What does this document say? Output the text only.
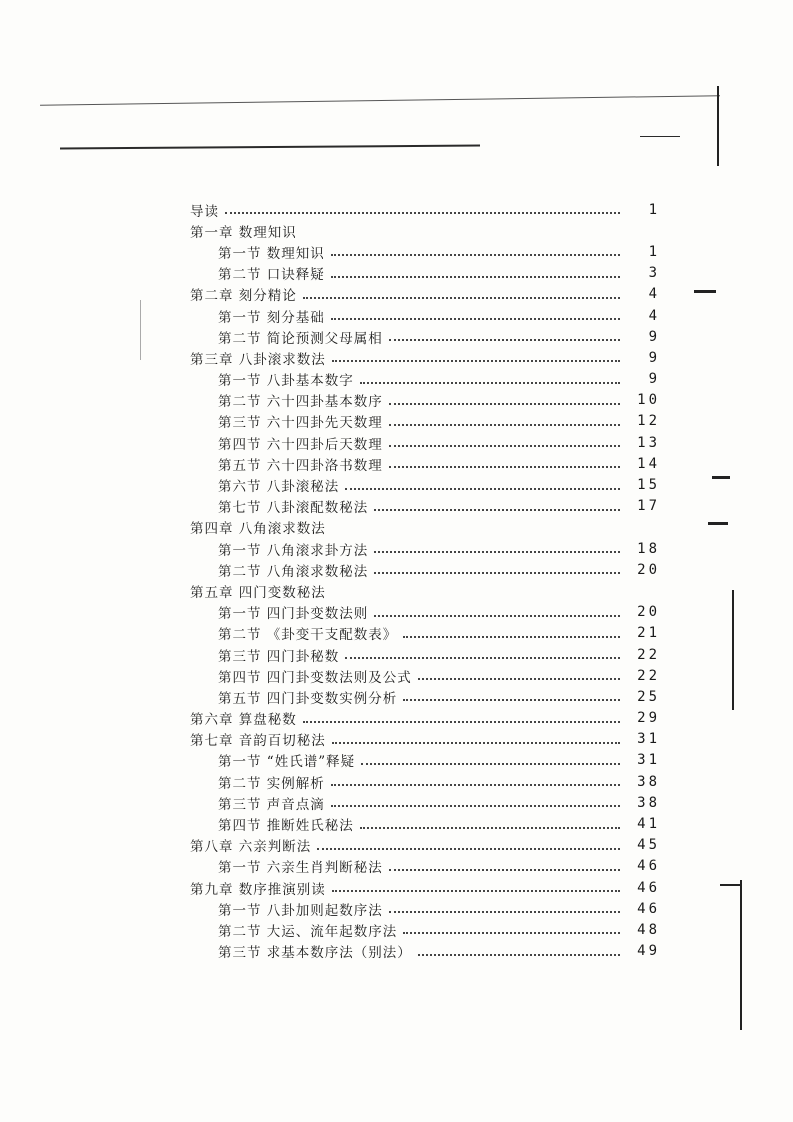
导读	1
第一章 数理知识
第一节 数理知识	1
第二节 口诀释疑	3
第二章 刻分精论	4
第一节 刻分基础	4
第二节 简论预测父母属相	9
第三章 八卦滚求数法	9
第一节 八卦基本数字	9
第二节 六十四卦基本数序	10
第三节 六十四卦先天数理	12
第四节 六十四卦后天数理	13
第五节 六十四卦洛书数理	14
第六节 八卦滚秘法	15
第七节 八卦滚配数秘法	17
第四章 八角滚求数法
第一节 八角滚求卦方法	18
第二节 八角滚求数秘法	20
第五章 四门变数秘法
第一节 四门卦变数法则	20
第二节 《卦变干支配数表》	21
第三节 四门卦秘数	22
第四节 四门卦变数法则及公式	22
第五节 四门卦变数实例分析	25
第六章 算盘秘数	29
第七章 音韵百切秘法	31
第一节 “姓氏谱”释疑	31
第二节 实例解析	38
第三节 声音点滴	38
第四节 推断姓氏秘法	41
第八章 六亲判断法	45
第一节 六亲生肖判断秘法	46
第九章 数序推演别读	46
第一节 八卦加则起数序法	46
第二节 大运、流年起数序法	48
第三节 求基本数序法（别法）	49
